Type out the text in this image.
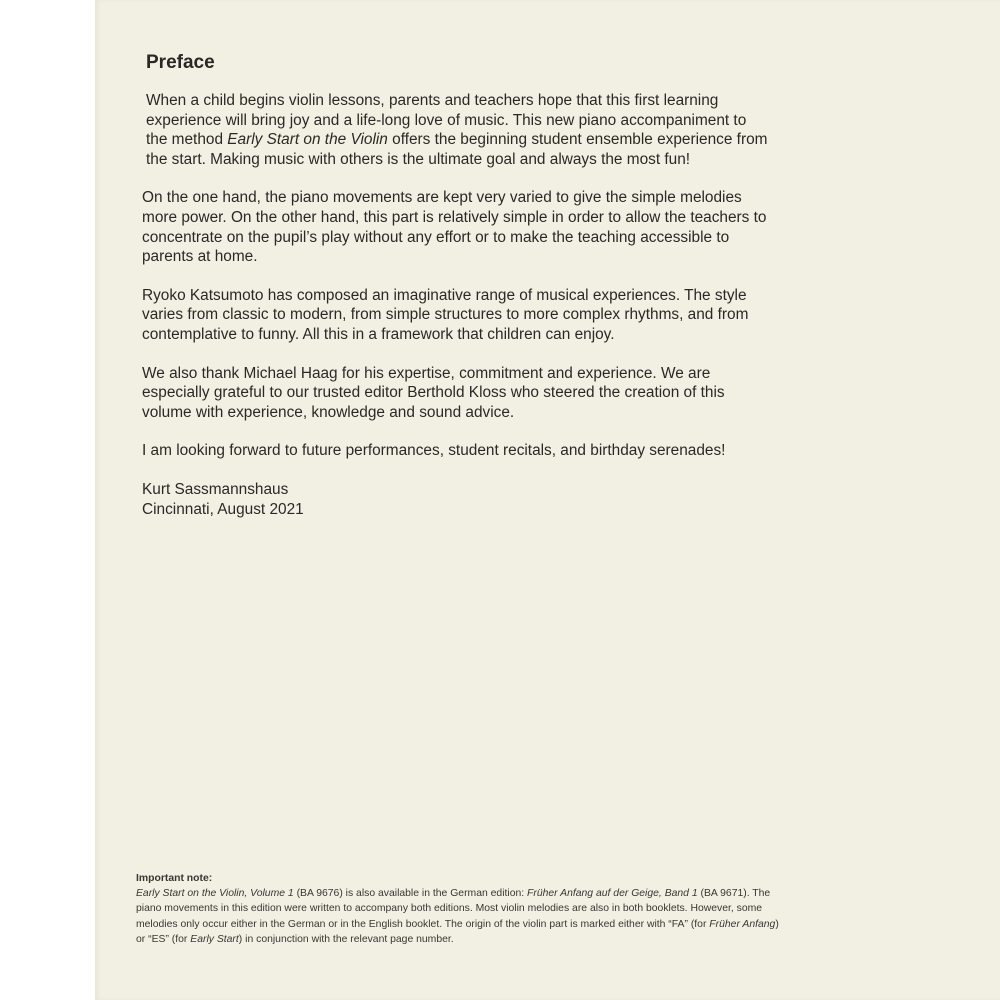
Preface

When a child begins violin lessons, parents and teachers hope that this first learning experience will bring joy and a life-long love of music. This new piano accompaniment to the method Early Start on the Violin offers the beginning student ensemble experience from the start. Making music with others is the ultimate goal and always the most fun!

On the one hand, the piano movements are kept very varied to give the simple melodies more power. On the other hand, this part is relatively simple in order to allow the teachers to concentrate on the pupil’s play without any effort or to make the teaching accessible to parents at home.

Ryoko Katsumoto has composed an imaginative range of musical experiences. The style varies from classic to modern, from simple structures to more complex rhythms, and from contemplative to funny. All this in a framework that children can enjoy.

We also thank Michael Haag for his expertise, commitment and experience. We are especially grateful to our trusted editor Berthold Kloss who steered the creation of this volume with experience, knowledge and sound advice.

I am looking forward to future performances, student recitals, and birthday serenades!

Kurt Sassmannshaus
Cincinnati, August 2021
Important note:
Early Start on the Violin, Volume 1 (BA 9676) is also available in the German edition: Früher Anfang auf der Geige, Band 1 (BA 9671). The piano movements in this edition were written to accompany both editions. Most violin melodies are also in both booklets. However, some melodies only occur either in the German or in the English booklet. The origin of the violin part is marked either with “FA” (for Früher Anfang) or “ES” (for Early Start) in conjunction with the relevant page number.
